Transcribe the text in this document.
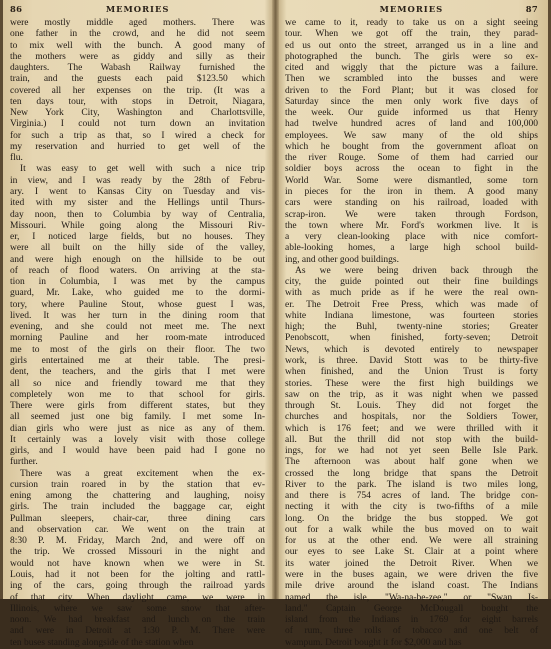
86	MEMORIES
were mostly middle aged mothers. There was
one father in the crowd, and he did not seem
to mix well with the bunch. A good many of
the mothers were as giddy and silly as their
daughters. The Wabash Railway furnished the
train, and the guests each paid $123.50 which
covered all her expenses on the trip. (It was a
ten days tour, with stops in Detroit, Niagara,
New York City, Washington and Charlottsville,
Virginia.) I could not turn down an invitation
for such a trip as that, so I wired a check for
my reservation and hurried to get well of the
flu.
It was easy to get well with such a nice trip
in view, and I was ready by the 28th of Febru-
ary. I went to Kansas City on Tuesday and vis-
ited with my sister and the Hellings until Thurs-
day noon, then to Columbia by way of Centralia,
Missouri. While going along the Missouri Riv-
er, I noticed large fields, but no houses. They
were all built on the hilly side of the valley,
and were high enough on the hillside to be out
of reach of flood waters. On arriving at the sta-
tion in Columbia, I was met by the campus
guard, Mr. Lake, who guided me to the dormi-
tory, where Pauline Stout, whose guest I was,
lived. It was her turn in the dining room that
evening, and she could not meet me. The next
morning Pauline and her room-mate introduced
me to most of the girls on their floor. The two
girls entertained me at their table. The presi-
dent, the teachers, and the girls that I met were
all so nice and friendly toward me that they
completely won me to that school for girls.
There were girls from different states, but they
all seemed just one big family. I met some In-
dian girls who were just as nice as any of them.
It certainly was a lovely visit with those college
girls, and I would have been paid had I gone no
further.
There was a great excitement when the ex-
cursion train roared in by the station that ev-
ening among the chattering and laughing, noisy
girls. The train included the baggage car, eight
Pullman sleepers, chair-car, three dining cars
and observation car. We went on the train at
8:30 P. M. Friday, March 2nd, and were off on
the trip. We crossed Missouri in the night and
would not have known when we were in St.
Louis, had it not been for the jolting and rattl-
ing of the cars, going through the railroad yards
of that city. When daylight came, we were in
Illinois, where we saw some snow that after-
noon. We had breakfast and lunch on the train
and were in Detroit at 1:30 P. M. There were
ten buses standing alongside of the station when
MEMORIES	87
we came to it, ready to take us on a sight seeing
tour. When we got off the train, they parad-
ed us out onto the street, arranged us in a line and
photographed the bunch. The girls were so ex-
cited and wiggly that the picture was a failure.
Then we scrambled into the busses and were
driven to the Ford Plant; but it was closed for
Saturday since the men only work five days of
the week. Our guide informed us that Henry
had twelve hundred acres of land and 100,000
employees. We saw many of the old ships
which he bought from the government afloat on
the river Rouge. Some of them had carried our
soldier boys across the ocean to fight in the
World War. Some were dismantled, some torn
in pieces for the iron in them. A good many
cars were standing on his railroad, loaded with
scrap-iron. We were taken through Fordson,
the town where Mr. Ford's workmen live. It is
a very clean-looking place with nice comfort-
able-looking homes, a large high school build-
ing, and other good buildings.
As we were being driven back through the
city, the guide pointed out their fine buildings
with as much pride as if he were the real own-
er. The Detroit Free Press, which was made of
white Indiana limestone, was fourteen stories
high; the Buhl, twenty-nine stories; Greater
Penobscott, when finished, forty-seven; Detroit
News, which is devoted entirely to newspaper
work, is three. David Stott was to be thirty-five
when finished, and the Union Trust is forty
stories. These were the first high buildings we
saw on the trip, as it was night when we passed
through St. Louis. They did not forget the
churches and hospitals, nor the Soldiers Tower,
which is 176 feet; and we were thrilled with it
all. But the thrill did not stop with the build-
ings, for we had not yet seen Belle Isle Park.
The afternoon was about half gone when we
crossed the long bridge that spans the Detroit
River to the park. The island is two miles long,
and there is 754 acres of land. The bridge con-
necting it with the city is two-fifths of a mile
long. On the bridge the bus stopped. We got
out for a walk while the bus moved on to wait
for us at the other end. We were all straining
our eyes to see Lake St. Clair at a point where
its water joined the Detroit River. When we
were in the buses again, we were driven the five
mile drive around the island coast. The Indians
named the isle, "Wa-na-be-zee," or "Swan Is-
land." Captain George McDougall bought the
island from the Indians in 1769 for eight barrels
of rum, three rolls of tobacco and one belt of
wampum. Detroit bought it for $2,000 and has
